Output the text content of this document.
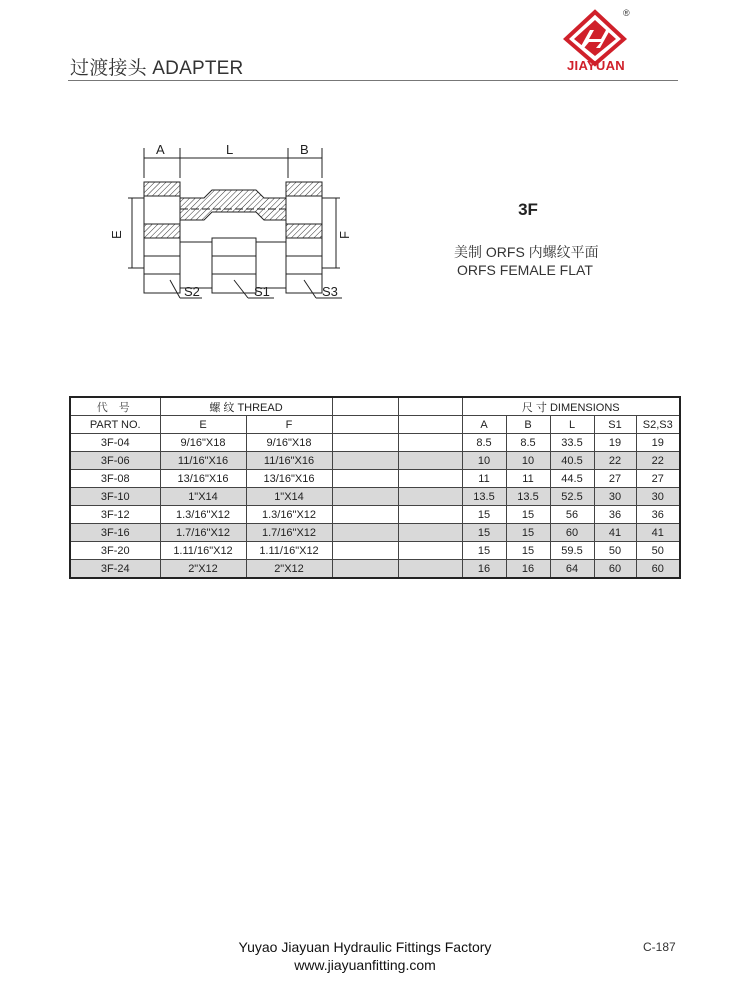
过渡接头 ADAPTER
®
JIAYUAN
A	L	B
E	F
S2	S1	S3
3F
美制 ORFS 内螺纹平面
ORFS FEMALE FLAT
代 号	螺 纹 THREAD				尺 寸 DIMENSIONS				
PART NO.	E	F			A	B	L	S1	S2,S3
3F-04	9/16"X18	9/16"X18			8.5	8.5	33.5	19	19
3F-06	11/16"X16	11/16"X16			10	10	40.5	22	22
3F-08	13/16"X16	13/16"X16			11	11	44.5	27	27
3F-10	1"X14	1"X14			13.5	13.5	52.5	30	30
3F-12	1.3/16"X12	1.3/16"X12			15	15	56	36	36
3F-16	1.7/16"X12	1.7/16"X12			15	15	60	41	41
3F-20	1.11/16"X12	1.11/16"X12			15	15	59.5	50	50
3F-24	2"X12	2"X12			16	16	64	60	60
Yuyao Jiayuan Hydraulic Fittings Factory
www.jiayuanfitting.com
C-187
